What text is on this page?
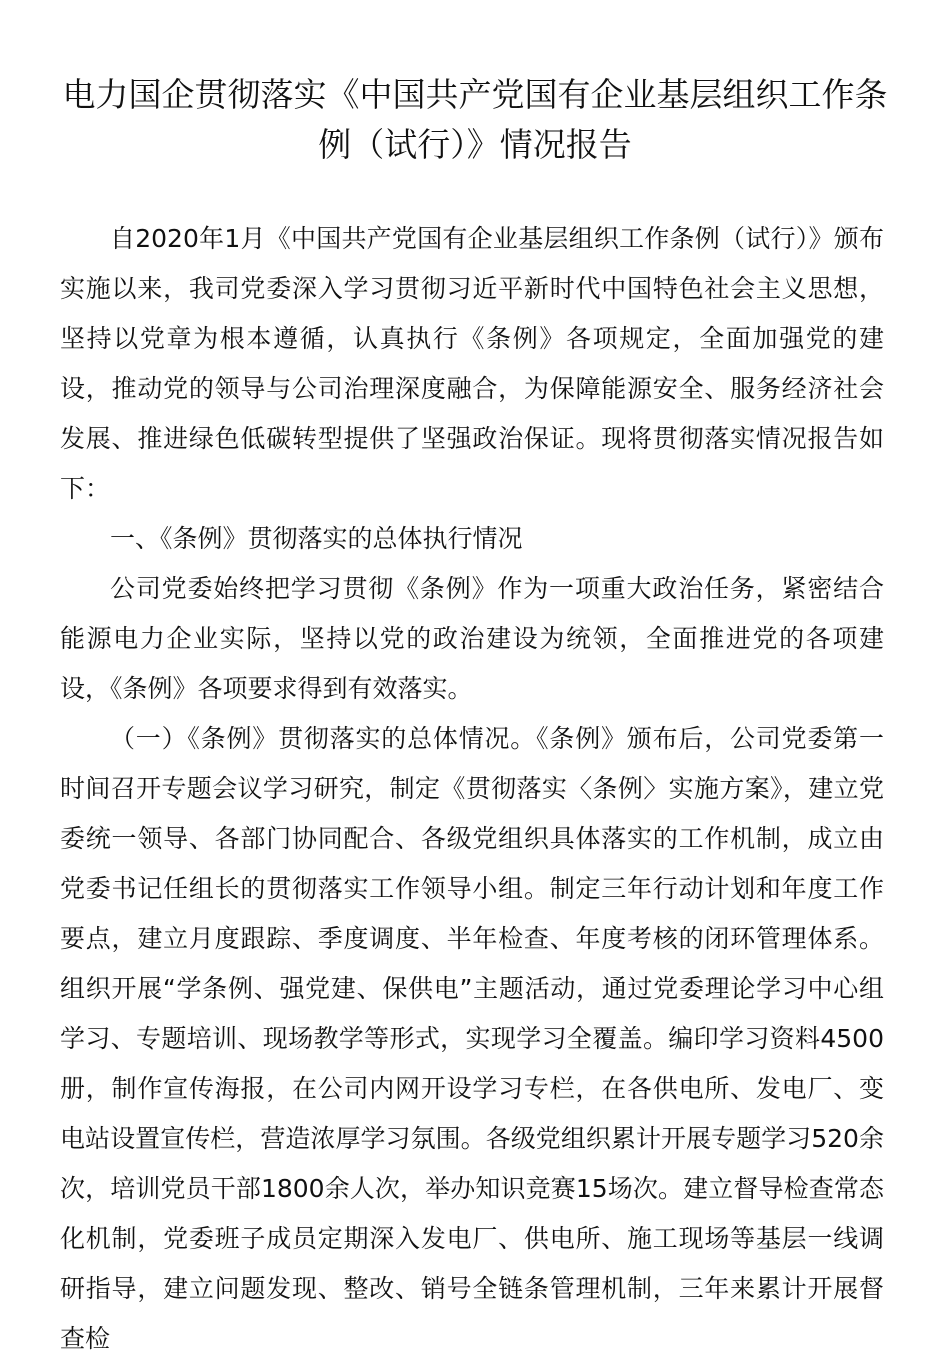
电力国企贯彻落实《中国共产党国有企业基层组织工作条例（试行）》情况报告

自2020年1月《中国共产党国有企业基层组织工作条例（试行）》颁布实施以来，我司党委深入学习贯彻习近平新时代中国特色社会主义思想，坚持以党章为根本遵循，认真执行《条例》各项规定，全面加强党的建设，推动党的领导与公司治理深度融合，为保障能源安全、服务经济社会发展、推进绿色低碳转型提供了坚强政治保证。现将贯彻落实情况报告如下：

一、《条例》贯彻落实的总体执行情况

公司党委始终把学习贯彻《条例》作为一项重大政治任务，紧密结合能源电力企业实际，坚持以党的政治建设为统领，全面推进党的各项建设，《条例》各项要求得到有效落实。

（一）《条例》贯彻落实的总体情况。《条例》颁布后，公司党委第一时间召开专题会议学习研究，制定《贯彻落实〈条例〉实施方案》，建立党委统一领导、各部门协同配合、各级党组织具体落实的工作机制，成立由党委书记任组长的贯彻落实工作领导小组。制定三年行动计划和年度工作要点，建立月度跟踪、季度调度、半年检查、年度考核的闭环管理体系。组织开展“学条例、强党建、保供电”主题活动，通过党委理论学习中心组学习、专题培训、现场教学等形式，实现学习全覆盖。编印学习资料4500册，制作宣传海报，在公司内网开设学习专栏，在各供电所、发电厂、变电站设置宣传栏，营造浓厚学习氛围。各级党组织累计开展专题学习520余次，培训党员干部1800余人次，举办知识竞赛15场次。建立督导检查常态化机制，党委班子成员定期深入发电厂、供电所、施工现场等基层一线调研指导，建立问题发现、整改、销号全链条管理机制，三年来累计开展督查检
